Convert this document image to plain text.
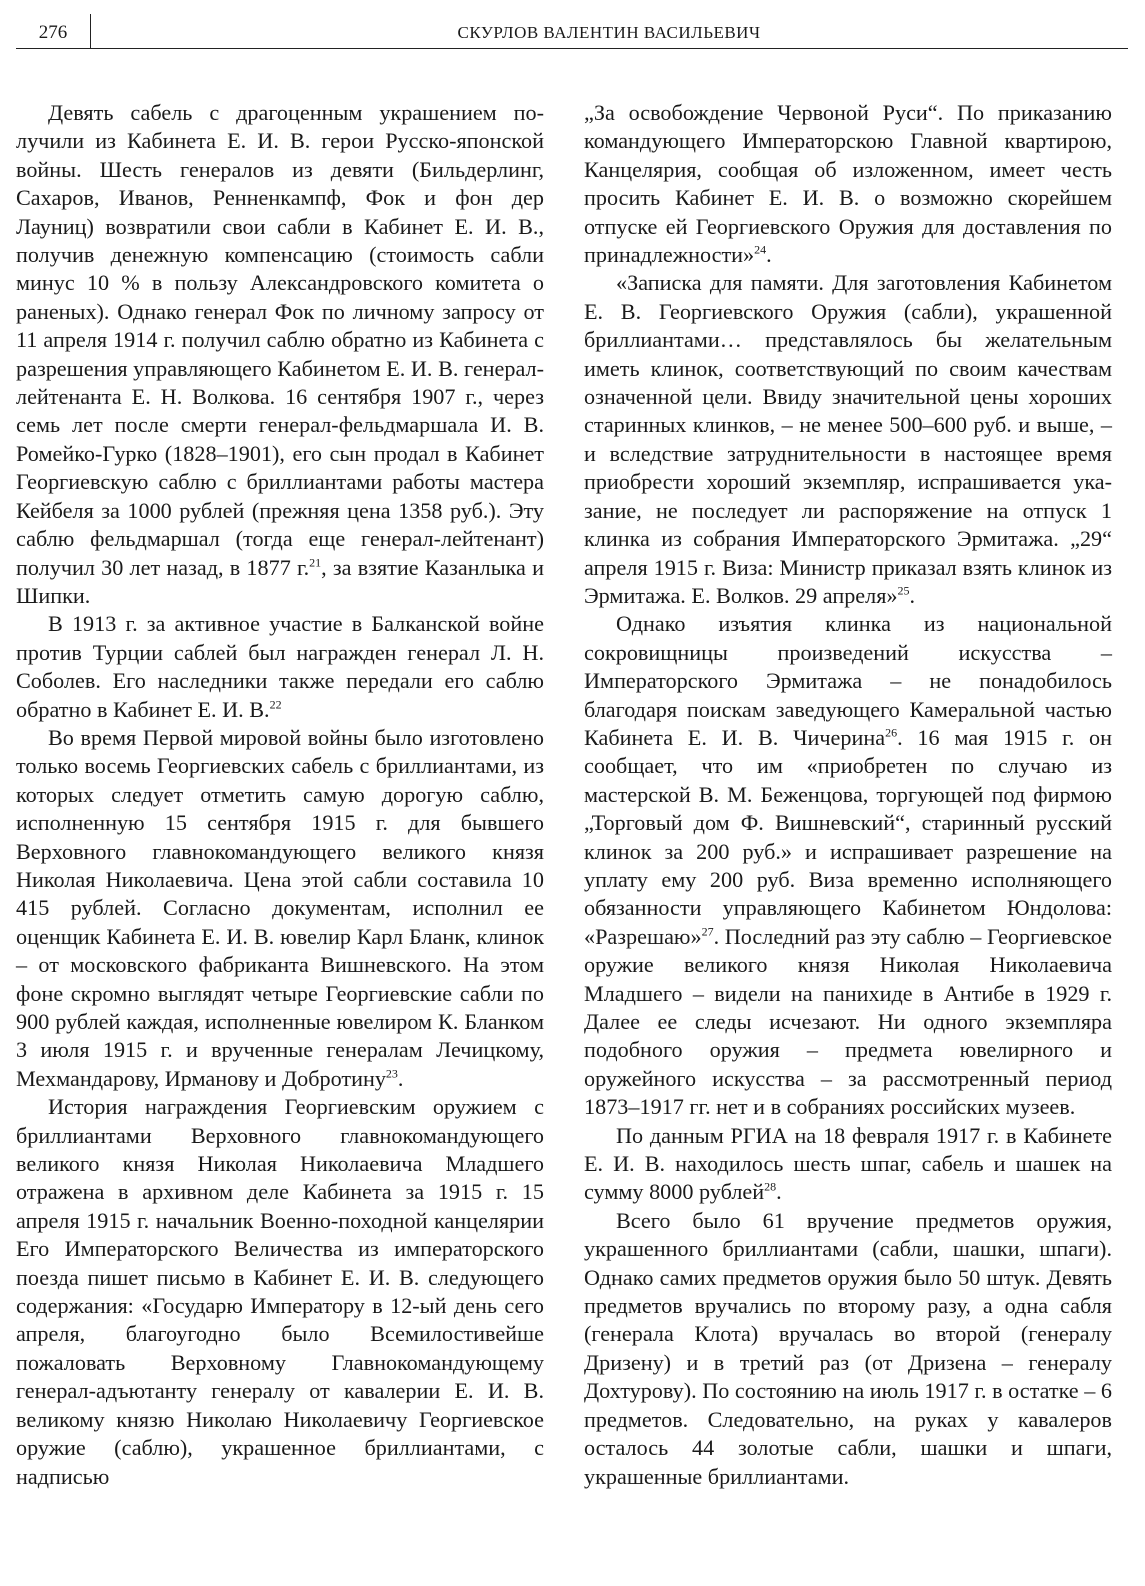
276	СКУРЛОВ ВАЛЕНТИН ВАСИЛЬЕВИЧ

Девять сабель с драгоценным украшением получили из Кабинета Е. И. В. герои Русско-японской войны. Шесть генералов из девяти (Бильдерлинг, Сахаров, Иванов, Ренненкампф, Фок и фон дер Лауниц) возвратили свои сабли в Кабинет Е. И. В., получив денежную компенсацию (стоимость сабли минус 10 % в пользу Александровского комитета о раненых). Однако генерал Фок по личному запросу от 11 апреля 1914 г. получил саблю обратно из Кабинета с разрешения управляющего Кабинетом Е. И. В. генерал-лейтенанта Е. Н. Волкова. 16 сентября 1907 г., через семь лет после смерти генерал-фельдмаршала И. В. Ромейко-Гурко (1828–1901), его сын продал в Кабинет Георгиевскую саблю с бриллиантами работы мастера Кейбеля за 1000 рублей (прежняя цена 1358 руб.). Эту саблю фельдмаршал (тогда еще генерал-лейтенант) получил 30 лет назад, в 1877 г.$^{21}$, за взятие Казанлыка и Шипки.

В 1913 г. за активное участие в Балканской войне против Турции саблей был награжден генерал Л. Н. Соболев. Его наследники также передали его саблю обратно в Кабинет Е. И. В.$^{22}$

Во время Первой мировой войны было изготовлено только восемь Георгиевских сабель с бриллиантами, из которых следует отметить самую дорогую саблю, исполненную 15 сентября 1915 г. для бывшего Верховного главнокомандующего великого князя Николая Николаевича. Цена этой сабли составила 10 415 рублей. Согласно документам, исполнил ее оценщик Кабинета Е. И. В. ювелир Карл Бланк, клинок – от московского фабриканта Вишневского. На этом фоне скромно выглядят четыре Георгиевские сабли по 900 рублей каждая, исполненные ювелиром К. Бланком 3 июля 1915 г. и врученные генералам Лечицкому, Мехмандарову, Ирманову и Добротину$^{23}$.

История награждения Георгиевским оружием с бриллиантами Верховного главнокомандующего великого князя Николая Николаевича Младшего отражена в архивном деле Кабинета за 1915 г. 15 апреля 1915 г. начальник Военно-походной канцелярии Его Императорского Величества из императорского поезда пишет письмо в Кабинет Е. И. В. следующего содержания: «Государю Императору в 12-ый день сего апреля, благоугодно было Всемилостивейше пожаловать Верховному Главнокомандующему генерал-адъютанту генералу от кавалерии Е. И. В. великому князю Николаю Николаевичу Георгиевское оружие (саблю), украшенное бриллиантами, с надписью

„За освобождение Червоной Руси“. По приказанию командующего Императорскою Главной квартирою, Канцелярия, сообщая об изложенном, имеет честь просить Кабинет Е. И. В. о возможно скорейшем отпуске ей Георгиевского Оружия для доставления по принадлежности»$^{24}$.

«Записка для памяти. Для заготовления Кабинетом Е. В. Георгиевского Оружия (сабли), украшенной бриллиантами… представлялось бы желательным иметь клинок, соответствующий по своим качествам означенной цели. Ввиду значительной цены хороших старинных клинков, – не менее 500–600 руб. и выше, – и вследствие затруднительности в настоящее время приобрести хороший экземпляр, испрашивается указание, не последует ли распоряжение на отпуск 1 клинка из собрания Императорского Эрмитажа. „29“ апреля 1915 г. Виза: Министр приказал взять клинок из Эрмитажа. Е. Волков. 29 апреля»$^{25}$.

Однако изъятия клинка из национальной сокровищницы произведений искусства – Императорского Эрмитажа – не понадобилось благодаря поискам заведующего Камеральной частью Кабинета Е. И. В. Чичерина$^{26}$. 16 мая 1915 г. он сообщает, что им «приобретен по случаю из мастерской В. М. Беженцова, торгующей под фирмою „Торговый дом Ф. Вишневский“, старинный русский клинок за 200 руб.» и испрашивает разрешение на уплату ему 200 руб. Виза временно исполняющего обязанности управляющего Кабинетом Юндолова: «Разрешаю»$^{27}$. Последний раз эту саблю – Георгиевское оружие великого князя Николая Николаевича Младшего – видели на панихиде в Антибе в 1929 г. Далее ее следы исчезают. Ни одного экземпляра подобного оружия – предмета ювелирного и оружейного искусства – за рассмотренный период 1873–1917 гг. нет и в собраниях российских музеев.

По данным РГИА на 18 февраля 1917 г. в Кабинете Е. И. В. находилось шесть шпаг, сабель и шашек на сумму 8000 рублей$^{28}$.

Всего было 61 вручение предметов оружия, украшенного бриллиантами (сабли, шашки, шпаги). Однако самих предметов оружия было 50 штук. Девять предметов вручались по второму разу, а одна сабля (генерала Клота) вручалась во второй (генералу Дризену) и в третий раз (от Дризена – генералу Дохтурову). По состоянию на июль 1917 г. в остатке – 6 предметов. Следовательно, на руках у кавалеров осталось 44 золотые сабли, шашки и шпаги, украшенные бриллиантами.
